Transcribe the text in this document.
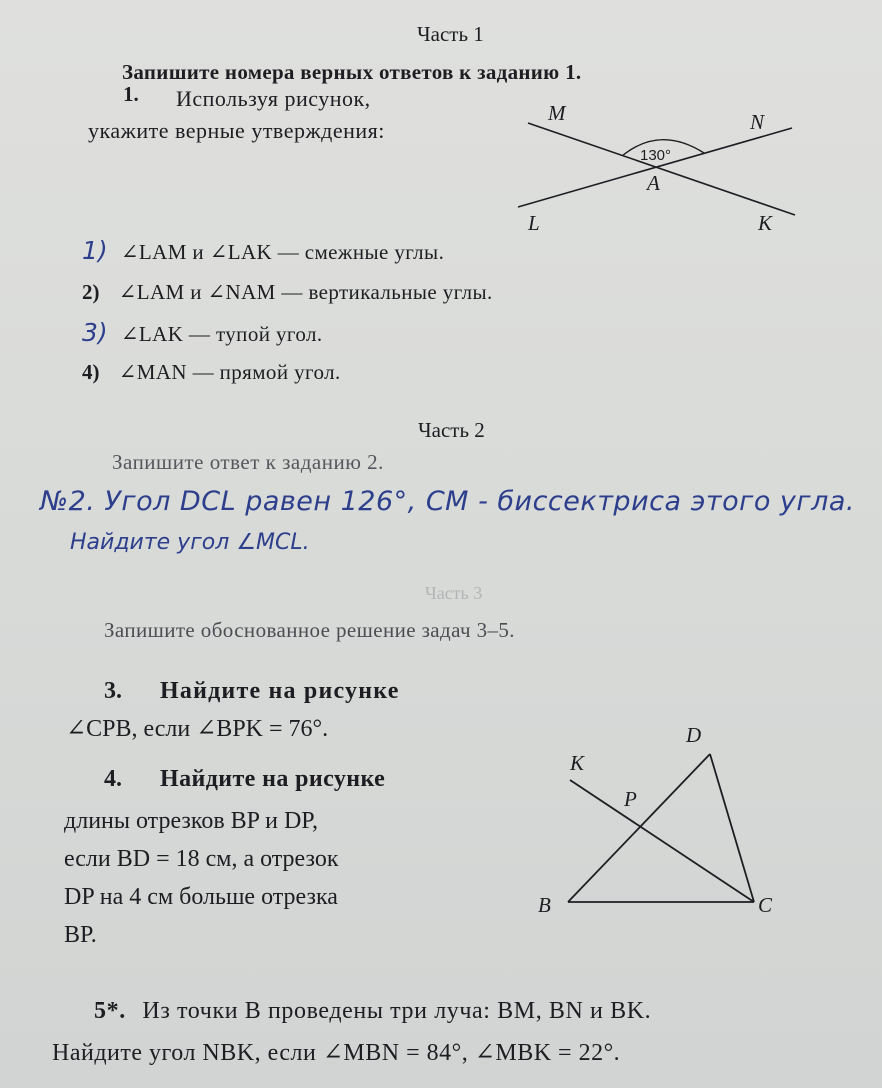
Часть 1
Запишите номера верных ответов к заданию 1.
1. Используя рисунок,
укажите верные утверждения:
M	N
A
L	K
130°
1) ∠LAM и ∠LAK — смежные углы.
2) ∠LAM и ∠NAM — вертикальные углы.
3) ∠LAK — тупой угол.
4) ∠MAN — прямой угол.
Часть 2
Запишите ответ к заданию 2.
№2. Угол DCL равен 126°, CM - биссектриса этого угла.
Найдите угол ∠MCL.
Часть 3
Запишите обоснованное решение задач 3–5.
3. Найдите на рисунке
∠CPB, если ∠BPK = 76°.
4. Найдите на рисунке
длины отрезков BP и DP,
если BD = 18 см, а отрезок
DP на 4 см больше отрезка
BP.
K
D
P
B	C
5*. Из точки B проведены три луча: BM, BN и BK.
Найдите угол NBK, если ∠MBN = 84°, ∠MBK = 22°.
